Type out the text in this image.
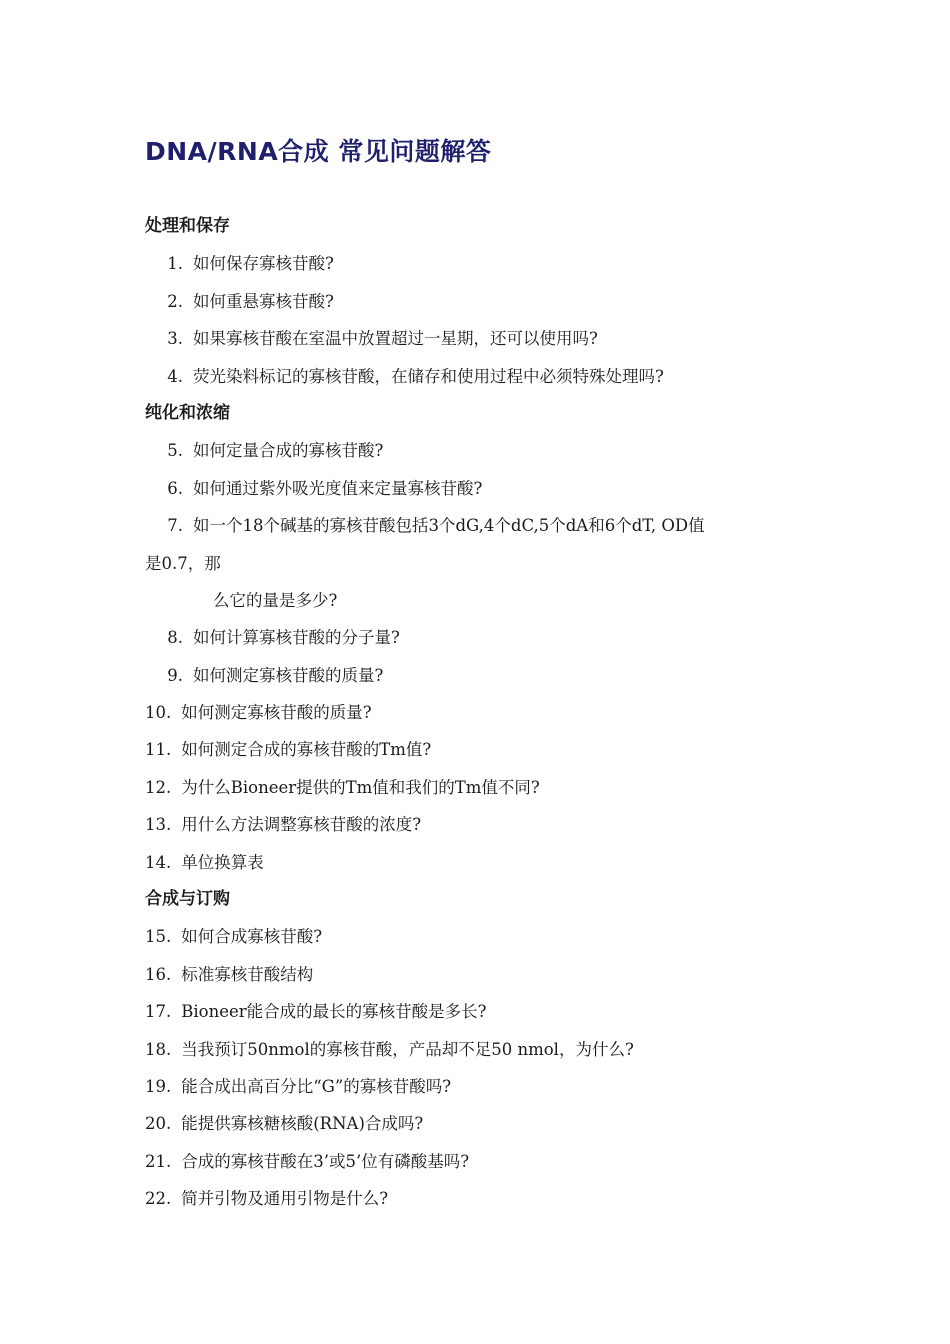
DNA/RNA合成 常见问题解答
处理和保存
1. 如何保存寡核苷酸?
2. 如何重悬寡核苷酸?
3. 如果寡核苷酸在室温中放置超过一星期，还可以使用吗?
4. 荧光染料标记的寡核苷酸，在储存和使用过程中必须特殊处理吗?
纯化和浓缩
5. 如何定量合成的寡核苷酸?
6. 如何通过紫外吸光度值来定量寡核苷酸?
7. 如一个18个碱基的寡核苷酸包括3个dG,4个dC,5个dA和6个dT, OD值
是0.7，那
么它的量是多少?
8. 如何计算寡核苷酸的分子量?
9. 如何测定寡核苷酸的质量?
10. 如何测定寡核苷酸的质量?
11. 如何测定合成的寡核苷酸的Tm值?
12. 为什么Bioneer提供的Tm值和我们的Tm值不同?
13. 用什么方法调整寡核苷酸的浓度?
14. 单位换算表
合成与订购
15. 如何合成寡核苷酸?
16. 标准寡核苷酸结构
17. Bioneer能合成的最长的寡核苷酸是多长?
18. 当我预订50nmol的寡核苷酸，产品却不足50 nmol，为什么?
19. 能合成出高百分比“G”的寡核苷酸吗?
20. 能提供寡核糖核酸(RNA)合成吗?
21. 合成的寡核苷酸在3’或5’位有磷酸基吗?
22. 简并引物及通用引物是什么?
